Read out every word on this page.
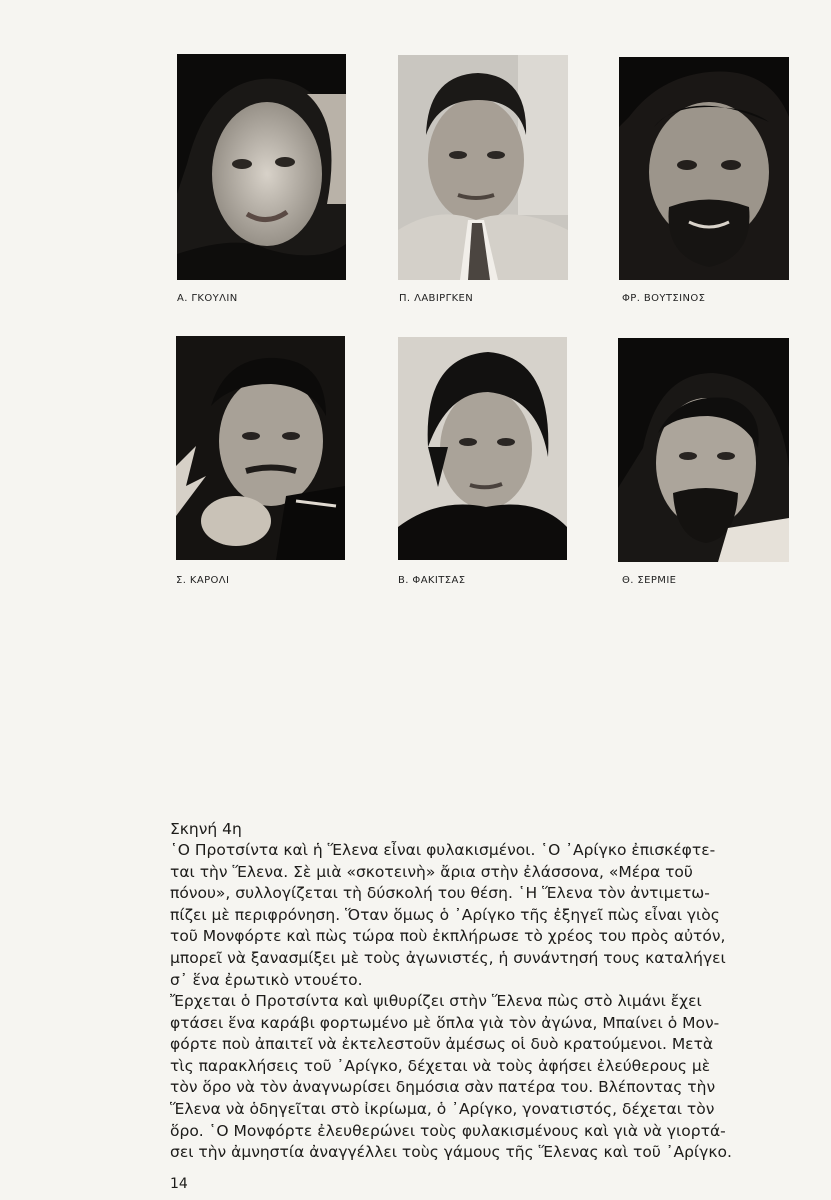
Α. ΓΚΟΥΛΙΝ	Π. ΛΑΒΙΡΓΚΕΝ	ΦΡ. ΒΟΥΤΣΙΝΟΣ
Σ. ΚΑΡΟΛΙ	Β. ΦΑΚΙΤΣΑΣ	Θ. ΣΕΡΜΙΕ
Σκηνή 4η

῾Ο Προτσίντα καὶ ἡ Ἕλενα εἶναι φυλακισμένοι. ῾Ο ᾽Αρίγκο ἐπισκέφτε-
ται τὴν Ἕλενα. Σὲ μιὰ «σκοτεινὴ» ἄρια στὴν ἐλάσσονα, «Μέρα τοῦ
πόνου», συλλογίζεται τὴ δύσκολή του θέση. ῾Η Ἕλενα τὸν ἀντιμετω-
πίζει μὲ περιφρόνηση. Ὅταν ὅμως ὁ ᾽Αρίγκο τῆς ἐξηγεῖ πὼς εἶναι γιὸς
τοῦ Μονφόρτε καὶ πὼς τώρα ποὺ ἐκπλήρωσε τὸ χρέος του πρὸς αὐτόν,
μπορεῖ νὰ ξανασμίξει μὲ τοὺς ἀγωνιστές, ἡ συνάντησή τους καταλήγει
σ᾽ ἕνα ἐρωτικὸ ντουέτο.

Ἔρχεται ὁ Προτσίντα καὶ ψιθυρίζει στὴν Ἕλενα πὼς στὸ λιμάνι ἔχει
φτάσει ἕνα καράβι φορτωμένο μὲ ὅπλα γιὰ τὸν ἀγώνα, Μπαίνει ὁ Μον-
φόρτε ποὺ ἀπαιτεῖ νὰ ἐκτελεστοῦν ἀμέσως οἱ δυὸ κρατούμενοι. Μετὰ
τὶς παρακλήσεις τοῦ ᾽Αρίγκο, δέχεται νὰ τοὺς ἀφήσει ἐλεύθερους μὲ
τὸν ὅρο νὰ τὸν ἀναγνωρίσει δημόσια σὰν πατέρα του. Βλέποντας τὴν
Ἕλενα νὰ ὁδηγεῖται στὸ ἰκρίωμα, ὁ ᾽Αρίγκο, γονατιστός, δέχεται τὸν
ὅρο. ῾Ο Μονφόρτε ἐλευθερώνει τοὺς φυλακισμένους καὶ γιὰ νὰ γιορτά-
σει τὴν ἀμνηστία ἀναγγέλλει τοὺς γάμους τῆς Ἕλενας καὶ τοῦ ᾽Αρίγκο.

14
